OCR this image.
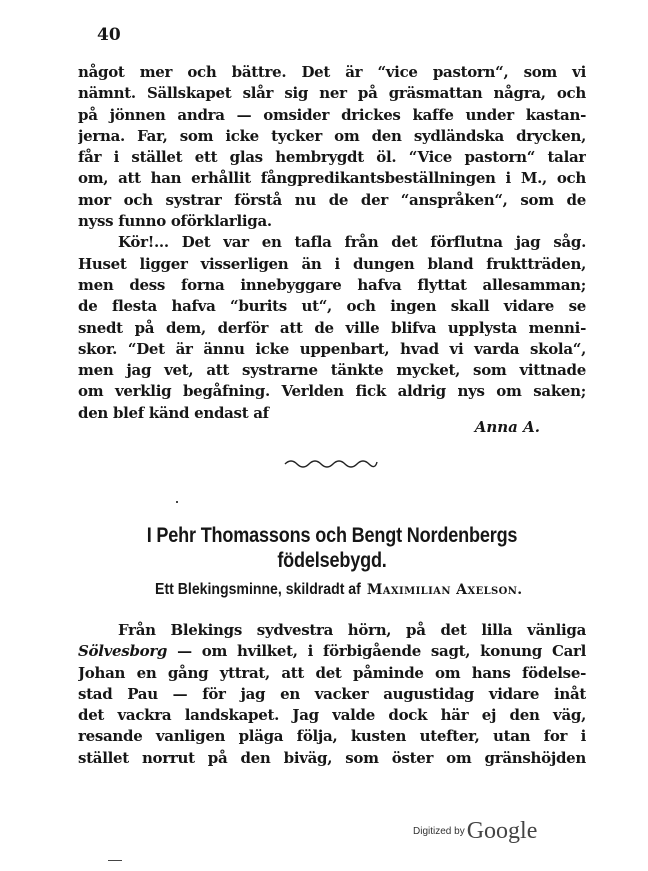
40
något mer och bättre. Det är “vice pastorn“, som vi
nämnt. Sällskapet slår sig ner på gräsmattan några, och
på jönnen andra — omsider drickes kaffe under kastan-
jerna. Far, som icke tycker om den sydländska drycken,
får i stället ett glas hembrygdt öl. “Vice pastorn“ talar
om, att han erhållit fångpredikantsbeställningen i M., och
mor och systrar förstå nu de der “anspråken“, som de
nyss funno oförklarliga.
Kör!... Det var en tafla från det förflutna jag såg.
Huset ligger visserligen än i dungen bland fruktträden,
men dess forna innebyggare hafva flyttat allesamman;
de flesta hafva “burits ut“, och ingen skall vidare se
snedt på dem, derför att de ville blifva upplysta menni-
skor. “Det är ännu icke uppenbart, hvad vi varda skola“,
men jag vet, att systrarne tänkte mycket, som vittnade
om verklig begåfning. Verlden fick aldrig nys om saken;
den blef känd endast af
Anna A.
I Pehr Thomassons och Bengt Nordenbergs
födelsebygd.
Ett Blekingsminne, skildradt af Maximilian Axelson.
Från Blekings sydvestra hörn, på det lilla vänliga
Sölvesborg — om hvilket, i förbigående sagt, konung Carl
Johan en gång yttrat, att det påminde om hans födelse-
stad Pau — för jag en vacker augustidag vidare inåt
det vackra landskapet. Jag valde dock här ej den väg,
resande vanligen pläga följa, kusten utefter, utan for i
stället norrut på den biväg, som öster om gränshöjden
Digitized byGoogle
